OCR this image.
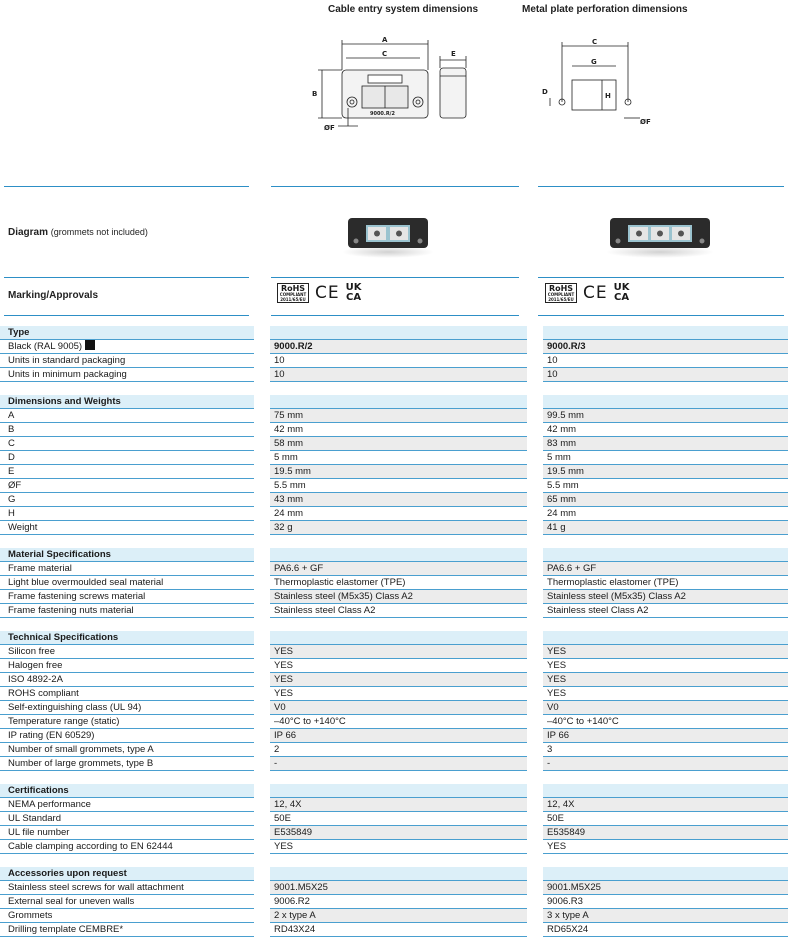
Cable entry system dimensions	Metal plate perforation dimensions
A
C
B
E
ØF
9000.R/2
C
G
D	H
ØF
Diagram (grommets not included)
Marking/Approvals
RoHS
COMPLIANT
2011/65/EU CE UK
CA
RoHS
COMPLIANT
2011/65/EU CE UK
CA
Type				
Black (RAL 9005)		9000.R/2		9000.R/3
Units in standard packaging		10		10
Units in minimum packaging		10		10

Dimensions and Weights				
A		75 mm		99.5 mm
B		42 mm		42 mm
C		58 mm		83 mm
D		5 mm		5 mm
E		19.5 mm		19.5 mm
ØF		5.5 mm		5.5 mm
G		43 mm		65 mm
H		24 mm		24 mm
Weight		32 g		41 g

Material Specifications				
Frame material		PA6.6 + GF		PA6.6 + GF
Light blue overmoulded seal material		Thermoplastic elastomer (TPE)		Thermoplastic elastomer (TPE)
Frame fastening screws material		Stainless steel (M5x35) Class A2		Stainless steel (M5x35) Class A2
Frame fastening nuts material		Stainless steel Class A2		Stainless steel Class A2

Technical Specifications				
Silicon free		YES		YES
Halogen free		YES		YES
ISO 4892-2A		YES		YES
ROHS compliant		YES		YES
Self-extinguishing class (UL 94)		V0		V0
Temperature range (static)		–40°C to +140°C		–40°C to +140°C
IP rating (EN 60529)		IP 66		IP 66
Number of small grommets, type A		2		3
Number of large grommets, type B		-		-

Certifications				
NEMA performance		12, 4X		12, 4X
UL Standard		50E		50E
UL file number		E535849		E535849
Cable clamping according to EN 62444		YES		YES

Accessories upon request				
Stainless steel screws for wall attachment		9001.M5X25		9001.M5X25
External seal for uneven walls		9006.R2		9006.R3
Grommets		2 x type A		3 x type A
Drilling template CEMBRE*		RD43X24		RD65X24
